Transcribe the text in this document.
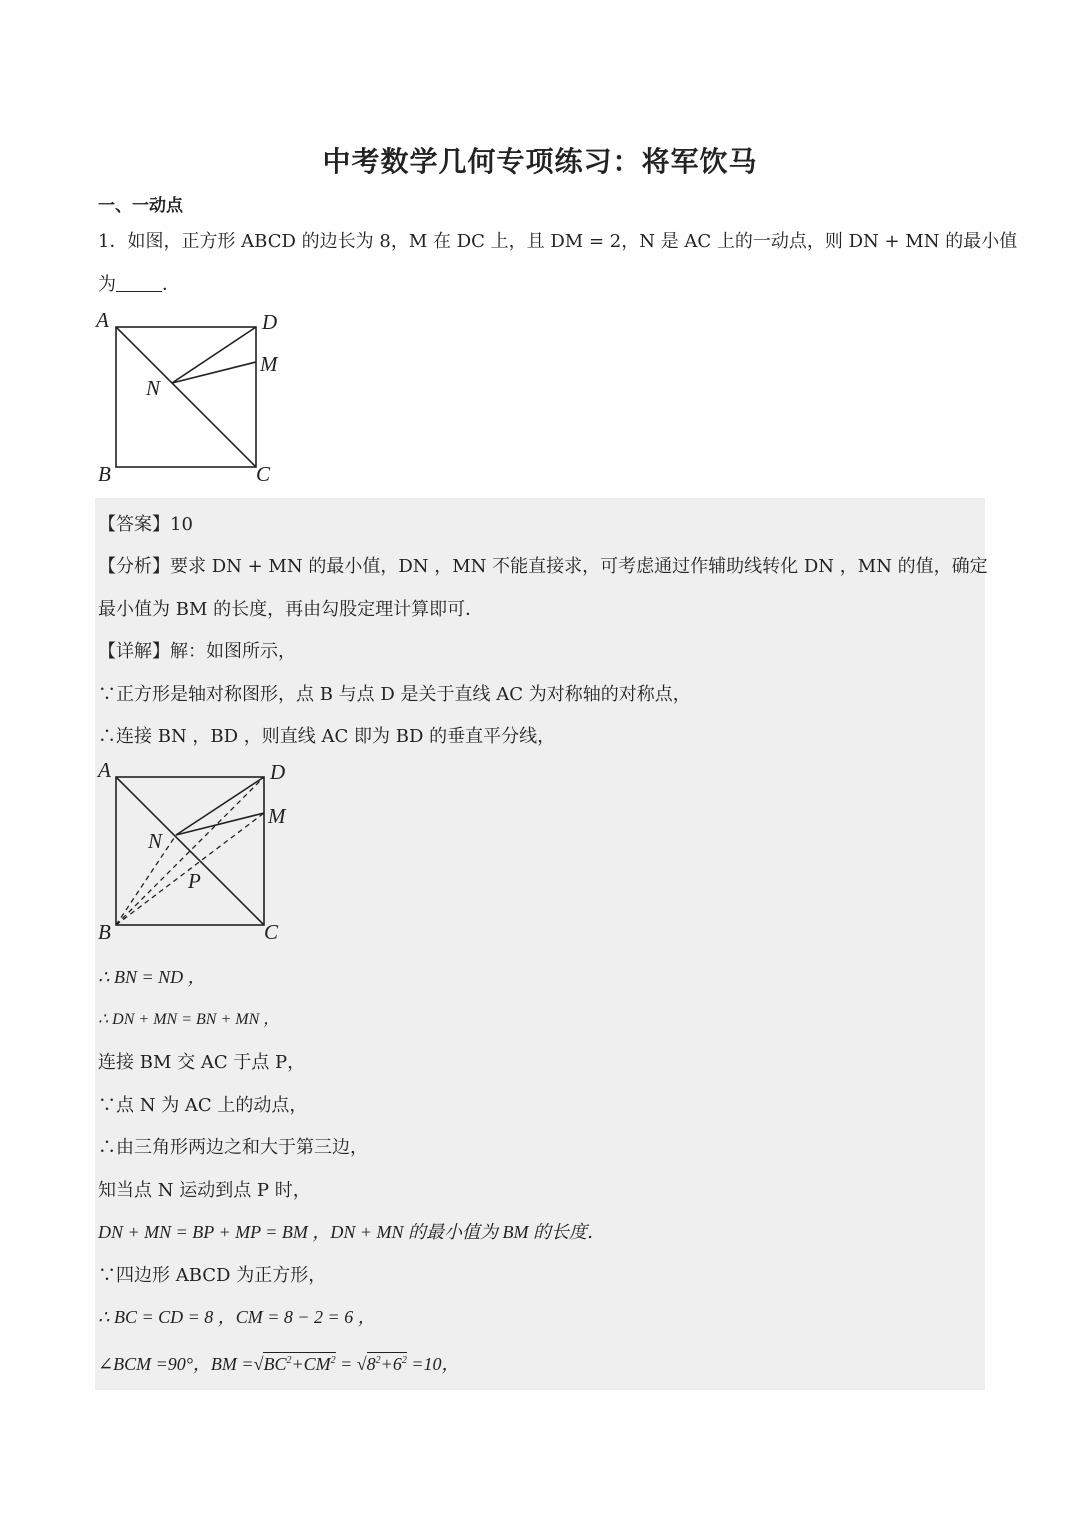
中考数学几何专项练习：将军饮马
一、一动点
1．如图，正方形 ABCD 的边长为 8，M 在 DC 上，且 DM = 2，N 是 AC 上的一动点，则 DN + MN 的最小值
为	．
A	D
M
N
B	C
【答案】10
【分析】要求 DN + MN 的最小值，DN ，MN 不能直接求，可考虑通过作辅助线转化 DN ，MN 的值，确定
最小值为 BM 的长度，再由勾股定理计算即可．
【详解】解：如图所示，
∵正方形是轴对称图形，点 B 与点 D 是关于直线 AC 为对称轴的对称点，
∴连接 BN ，BD ，则直线 AC 即为 BD 的垂直平分线，
A	D
M
N
P
B	C
∴ BN = ND ，
∴ DN + MN = BN + MN ，
连接 BM 交 AC 于点 P，
∵点 N 为 AC 上的动点，
∴由三角形两边之和大于第三边，
知当点 N 运动到点 P 时，
DN + MN = BP + MP = BM ，DN + MN 的最小值为 BM 的长度．
∵四边形 ABCD 为正方形，
∴ BC = CD = 8 ，CM = 8 − 2 = 6 ，
∠BCM =90°，BM $=√BC^2+CM^2 = √8^2+6^2 =10$，
